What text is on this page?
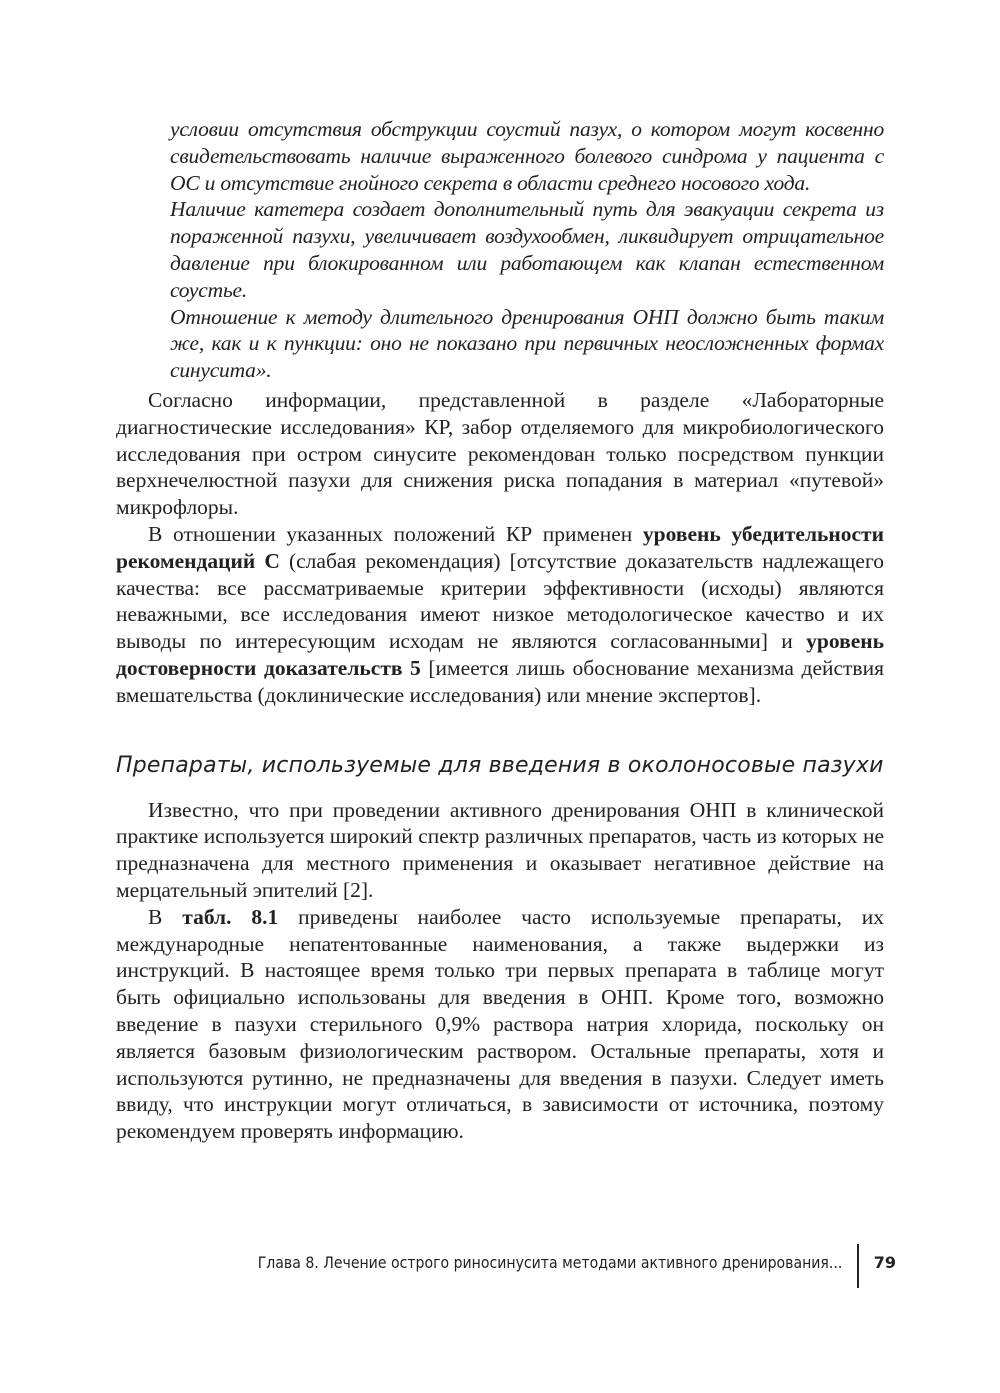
условии отсутствия обструкции соустий пазух, о котором могут косвенно свидетельствовать наличие выраженного болевого синдрома у пациента с ОС и отсутствие гнойного секрета в области среднего носового хода.

Наличие катетера создает дополнительный путь для эвакуации секрета из пораженной пазухи, увеличивает воздухообмен, ликвидирует отрицательное давление при блокированном или работающем как клапан естественном соустье.

Отношение к методу длительного дренирования ОНП должно быть таким же, как и к пункции: оно не показано при первичных неосложненных формах синусита».

Согласно информации, представленной в разделе «Лабораторные диагностические исследования» КР, забор отделяемого для микробиологического исследования при остром синусите рекомендован только посредством пункции верхнечелюстной пазухи для снижения риска попадания в материал «путевой» микрофлоры.

В отношении указанных положений КР применен уровень убедительности рекомендаций С (слабая рекомендация) [отсутствие доказательств надлежащего качества: все рассматриваемые критерии эффективности (исходы) являются неважными, все исследования имеют низкое методологическое качество и их выводы по интересующим исходам не являются согласованными] и уровень достоверности доказательств 5 [имеется лишь обоснование механизма действия вмешательства (доклинические исследования) или мнение экспертов].

Препараты, используемые для введения в околоносовые пазухи

Известно, что при проведении активного дренирования ОНП в клинической практике используется широкий спектр различных препаратов, часть из которых не предназначена для местного применения и оказывает негативное действие на мерцательный эпителий [2].

В табл. 8.1 приведены наиболее часто используемые препараты, их международные непатентованные наименования, а также выдержки из инструкций. В настоящее время только три первых препарата в таблице могут быть официально использованы для введения в ОНП. Кроме того, возможно введение в пазухи стерильного 0,9% раствора натрия хлорида, поскольку он является базовым физиологическим раствором. Остальные препараты, хотя и используются рутинно, не предназначены для введения в пазухи. Следует иметь ввиду, что инструкции могут отличаться, в зависимости от источника, поэтому рекомендуем проверять информацию.

Глава 8. Лечение острого риносинусита методами активного дренирования... 79
